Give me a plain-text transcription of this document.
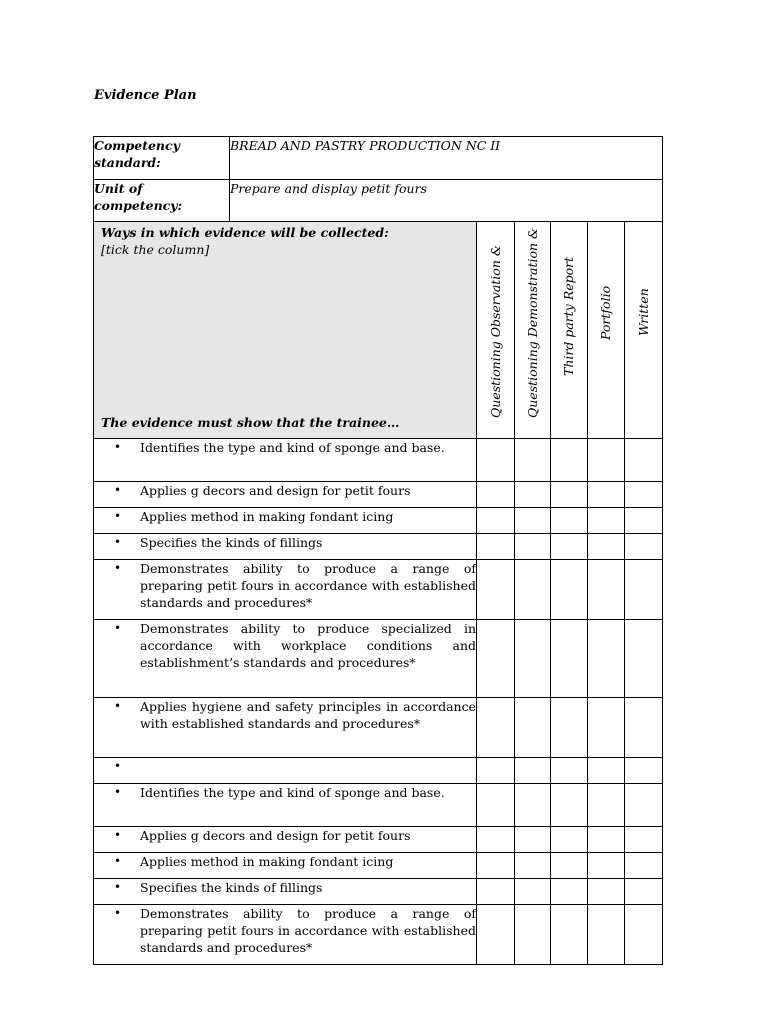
Evidence Plan
Competency
standard:	BREAD AND PASTRY PRODUCTION NC II					

Unit of
competency:	Prepare and display petit fours					

Ways in which evidence will be collected:
[tick the column]
The evidence must show that the trainee…		Questioning Observation &	Questioning Demonstration &	Third party Report	Portfolio	Written

• Identifies the type and kind of sponge and base.						

• Applies g decors and design for petit fours						

• Applies method in making fondant icing						

• Specifies the kinds of fillings						

• Demonstrates ability to produce a range of preparing petit fours in accordance with established standards and procedures*						

• Demonstrates ability to produce specialized in accordance with workplace conditions and establishment’s standards and procedures*						

• Applies hygiene and safety principles in accordance with established standards and procedures*						

•						

• Identifies the type and kind of sponge and base.						

• Applies g decors and design for petit fours						

• Applies method in making fondant icing						

• Specifies the kinds of fillings						

• Demonstrates ability to produce a range of preparing petit fours in accordance with established standards and procedures*						
